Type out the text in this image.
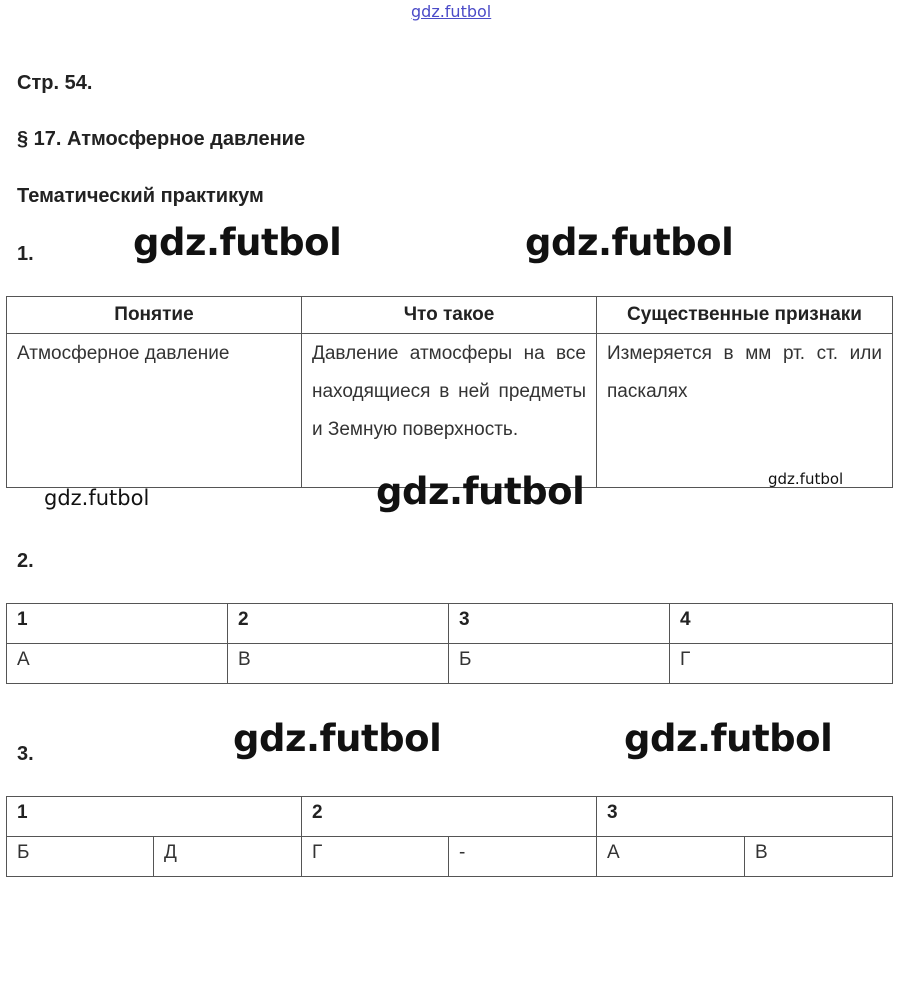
gdz.futbol
Стр. 54.
§ 17. Атмосферное давление
Тематический практикум
1.	gdz.futbol	gdz.futbol
Понятие	Что такое	Существенные признаки
Атмосферное давление	Давление атмосферы на все находящиеся в ней предметы и Земную поверхность.	Измеряется в мм рт. ст. или паскалях
gdz.futbol
gdz.futbol	gdz.futbol
2.
1	2	3	4
А	В	Б	Г
3.	gdz.futbol	gdz.futbol
1		2		3	
Б	Д	Г	-	А	В
